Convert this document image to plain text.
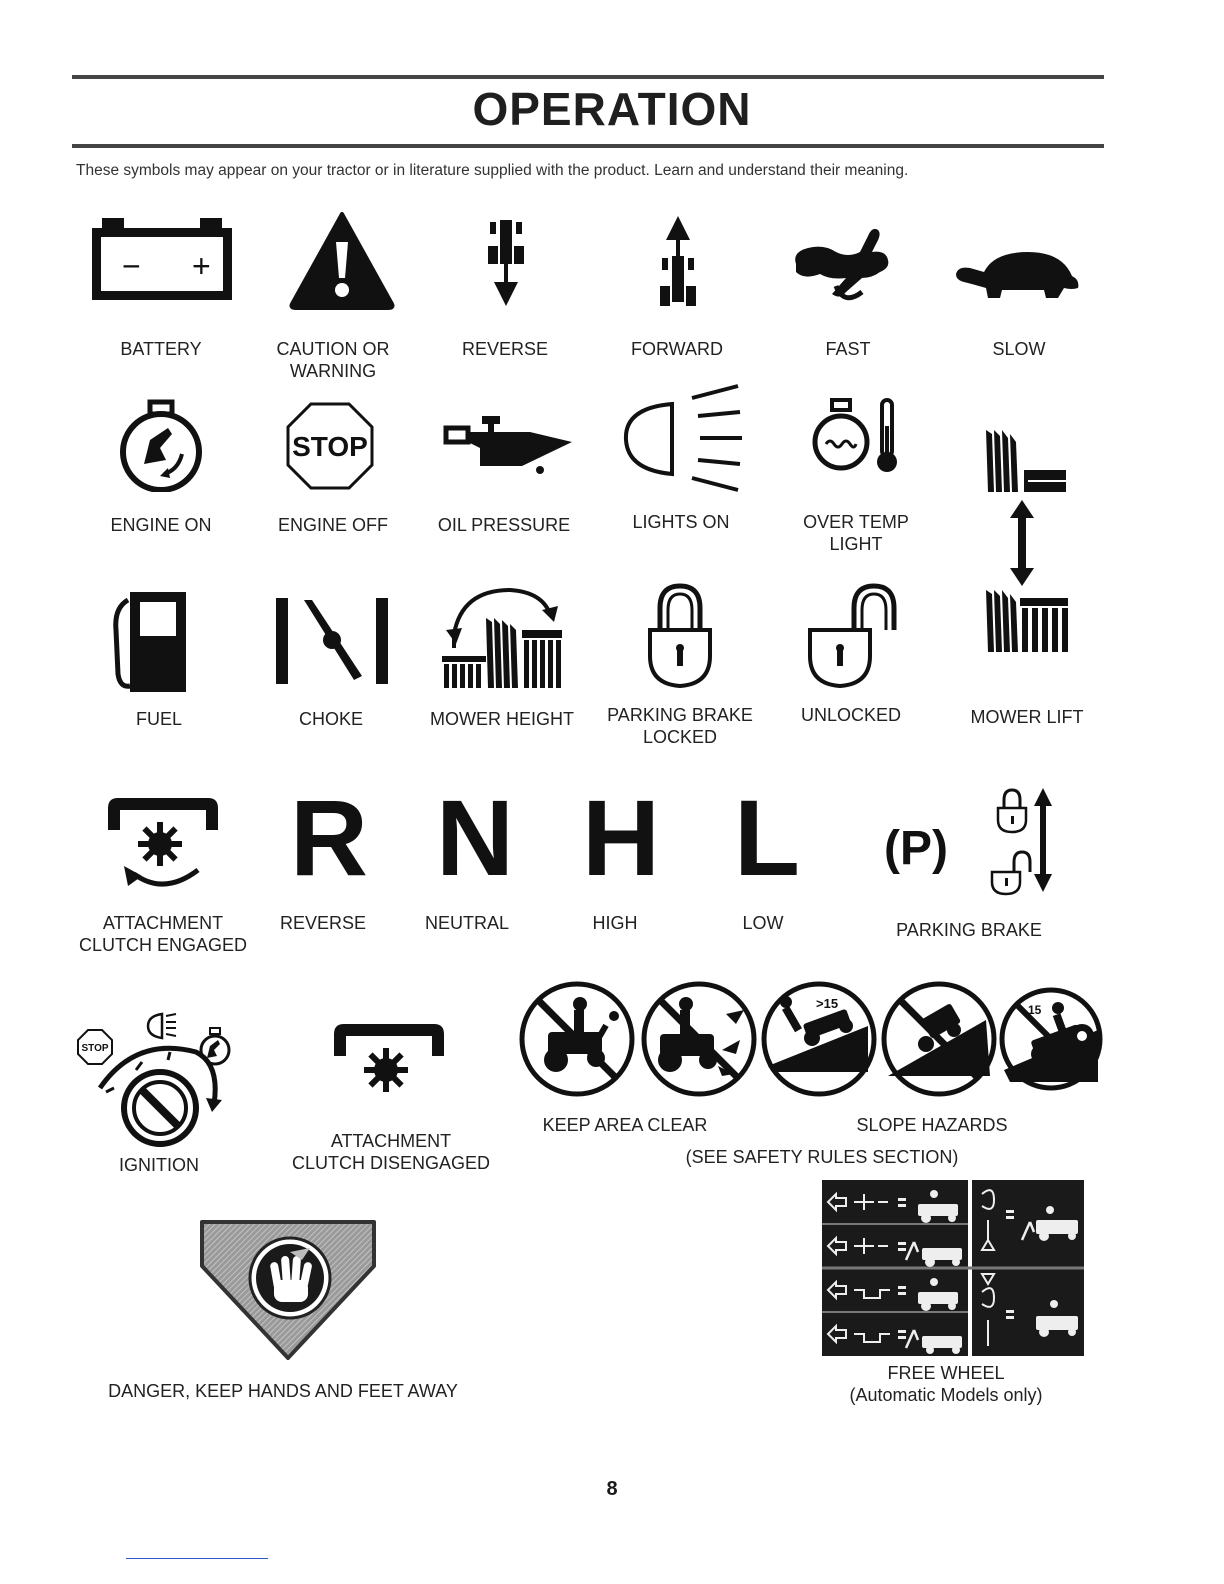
OPERATION
These symbols may appear on your tractor or in literature supplied with the product. Learn and understand their meaning.
− +
BATTERY	CAUTION OR
WARNING
REVERSE	FORWARD	FAST	SLOW
STOP
ENGINE ON	ENGINE OFF	OIL PRESSURE	LIGHTS ON	OVER TEMP
LIGHT
FUEL	CHOKE	MOWER HEIGHT PARKING BRAKE
LOCKED
UNLOCKED	MOWER LIFT
R N H L (P)
ATTACHMENT
CLUTCH ENGAGED
REVERSE	NEUTRAL	HIGH	LOW	PARKING BRAKE
STOP
>15	15
IGNITION
ATTACHMENT
CLUTCH DISENGAGED
KEEP AREA CLEAR	SLOPE HAZARDS
(SEE SAFETY RULES SECTION)
DANGER, KEEP HANDS AND FEET AWAY
FREE WHEEL
(Automatic Models only)
8
